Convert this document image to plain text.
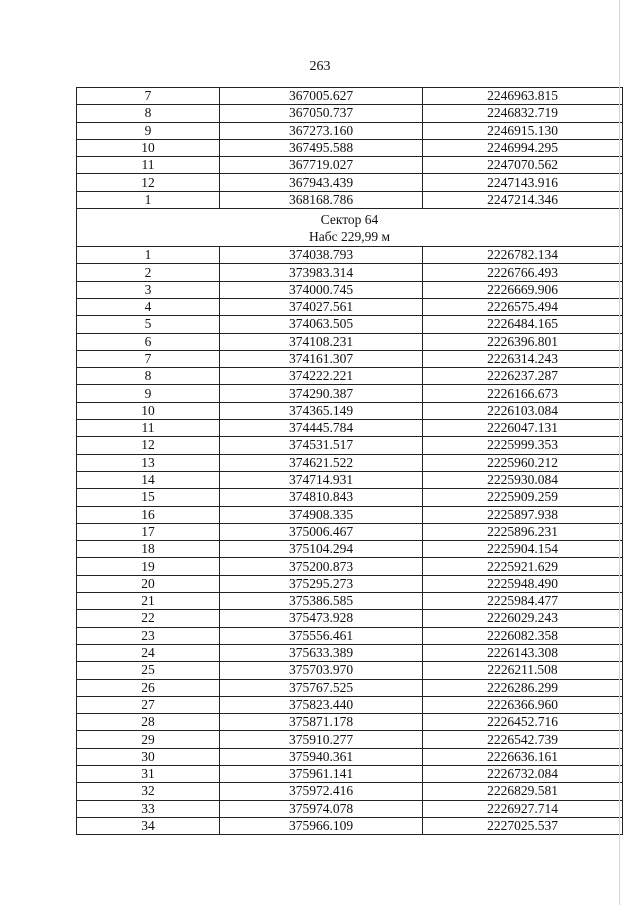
263
7	367005.627	2246963.815
8	367050.737	2246832.719
9	367273.160	2246915.130
10	367495.588	2246994.295
11	367719.027	2247070.562
12	367943.439	2247143.916
1	368168.786	2247214.346

Сектор 64
Набс 229,99 м		

1	374038.793	2226782.134
2	373983.314	2226766.493
3	374000.745	2226669.906
4	374027.561	2226575.494
5	374063.505	2226484.165
6	374108.231	2226396.801
7	374161.307	2226314.243
8	374222.221	2226237.287
9	374290.387	2226166.673
10	374365.149	2226103.084
11	374445.784	2226047.131
12	374531.517	2225999.353
13	374621.522	2225960.212
14	374714.931	2225930.084
15	374810.843	2225909.259
16	374908.335	2225897.938
17	375006.467	2225896.231
18	375104.294	2225904.154
19	375200.873	2225921.629
20	375295.273	2225948.490
21	375386.585	2225984.477
22	375473.928	2226029.243
23	375556.461	2226082.358
24	375633.389	2226143.308
25	375703.970	2226211.508
26	375767.525	2226286.299
27	375823.440	2226366.960
28	375871.178	2226452.716
29	375910.277	2226542.739
30	375940.361	2226636.161
31	375961.141	2226732.084
32	375972.416	2226829.581
33	375974.078	2226927.714
34	375966.109	2227025.537
